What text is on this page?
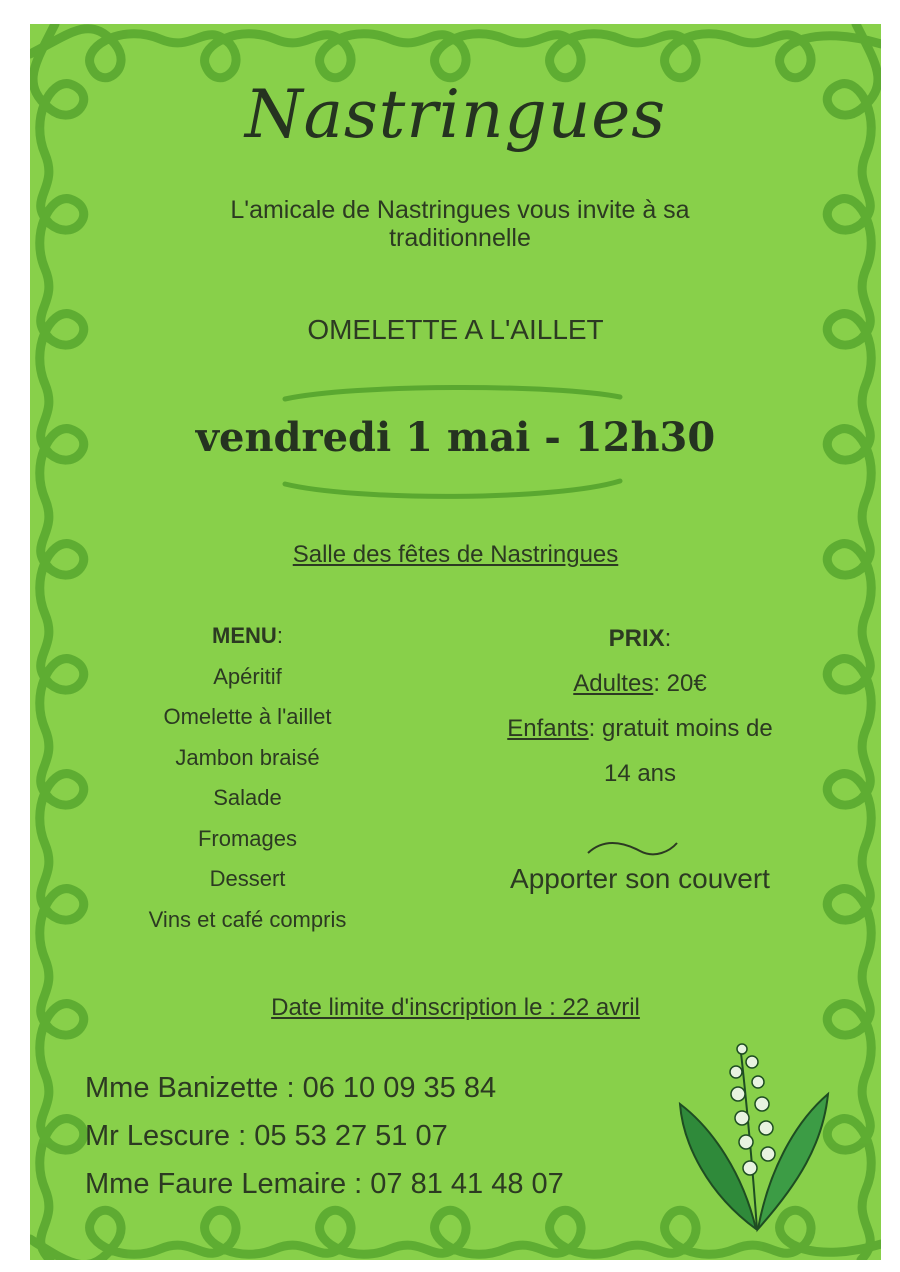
Nastringues
L'amicale de Nastringues vous invite à sa
traditionnelle
OMELETTE A L'AILLET
vendredi 1 mai - 12h30
Salle des fêtes de Nastringues
MENU:
Apéritif
Omelette à l'aillet
Jambon braisé
Salade
Fromages
Dessert
Vins et café compris
PRIX:
Adultes: 20€
Enfants: gratuit moins de
14 ans
Apporter son couvert
Date limite d'inscription le : 22 avril
Mme Banizette : 06 10 09 35 84
Mr Lescure : 05 53 27 51 07
Mme Faure Lemaire : 07 81 41 48 07
